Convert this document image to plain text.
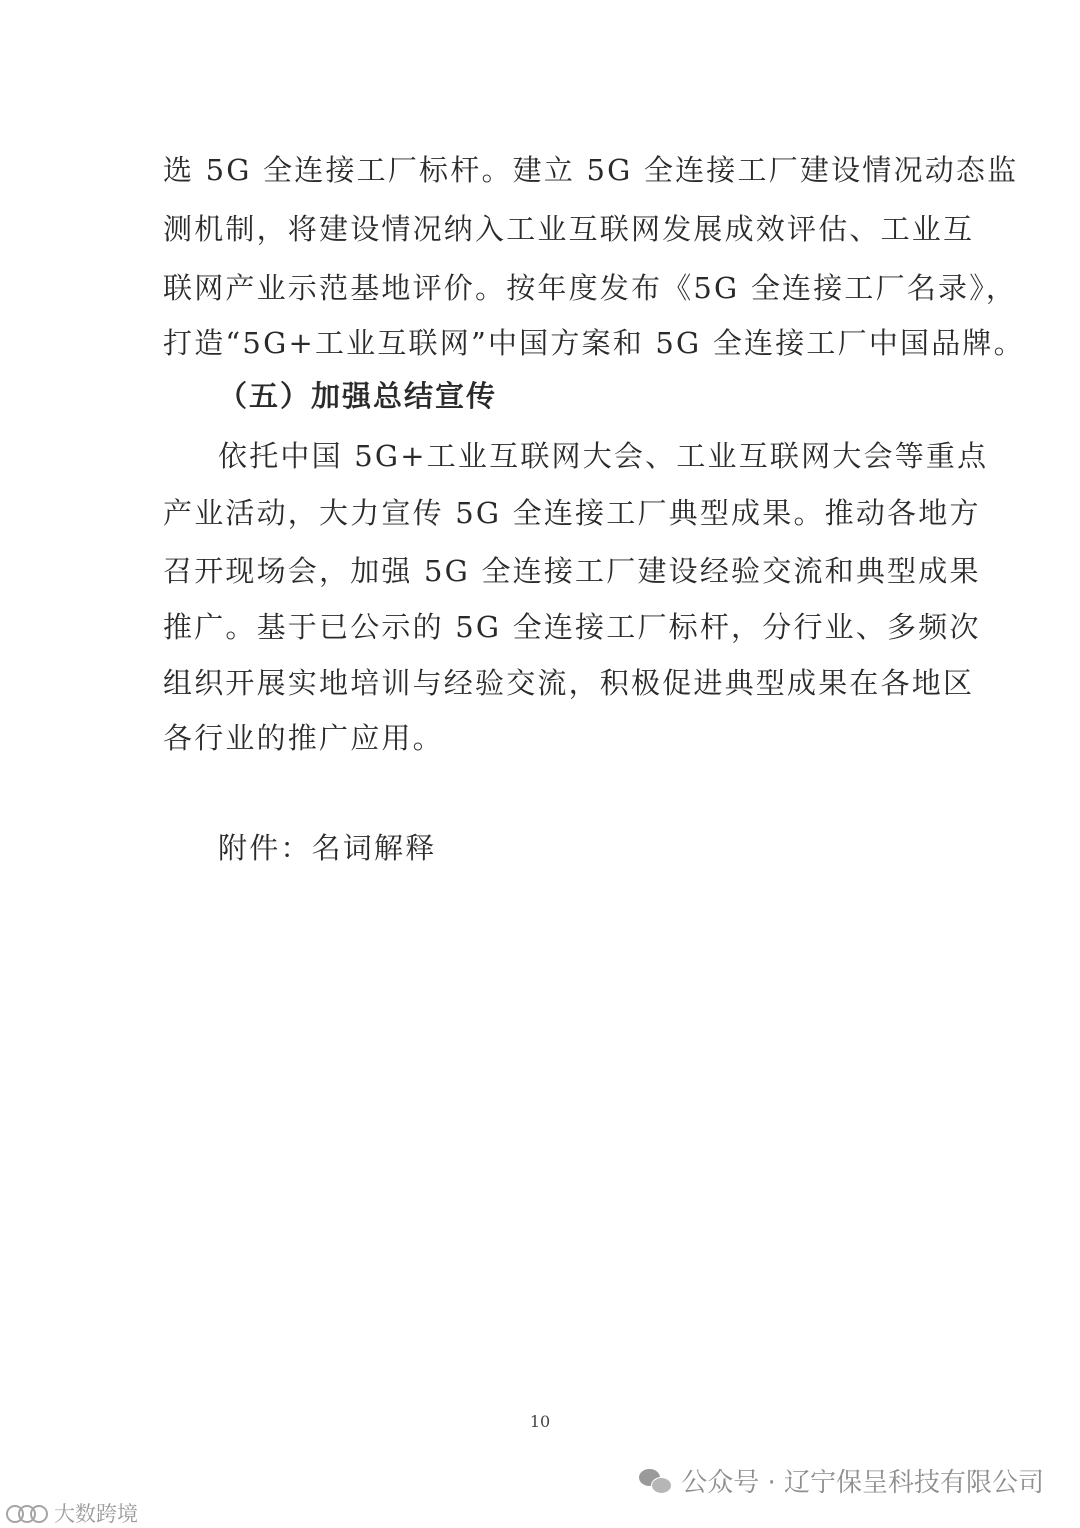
选 5G 全连接工厂标杆。建立 5G 全连接工厂建设情况动态监
测机制，将建设情况纳入工业互联网发展成效评估、工业互
联网产业示范基地评价。按年度发布《5G 全连接工厂名录》，
打造“5G+工业互联网”中国方案和 5G 全连接工厂中国品牌。
（五）加强总结宣传
依托中国 5G+工业互联网大会、工业互联网大会等重点
产业活动，大力宣传 5G 全连接工厂典型成果。推动各地方
召开现场会，加强 5G 全连接工厂建设经验交流和典型成果
推广。基于已公示的 5G 全连接工厂标杆，分行业、多频次
组织开展实地培训与经验交流，积极促进典型成果在各地区
各行业的推广应用。
附件：名词解释
10
公众号 · 辽宁保呈科技有限公司
大数跨境
